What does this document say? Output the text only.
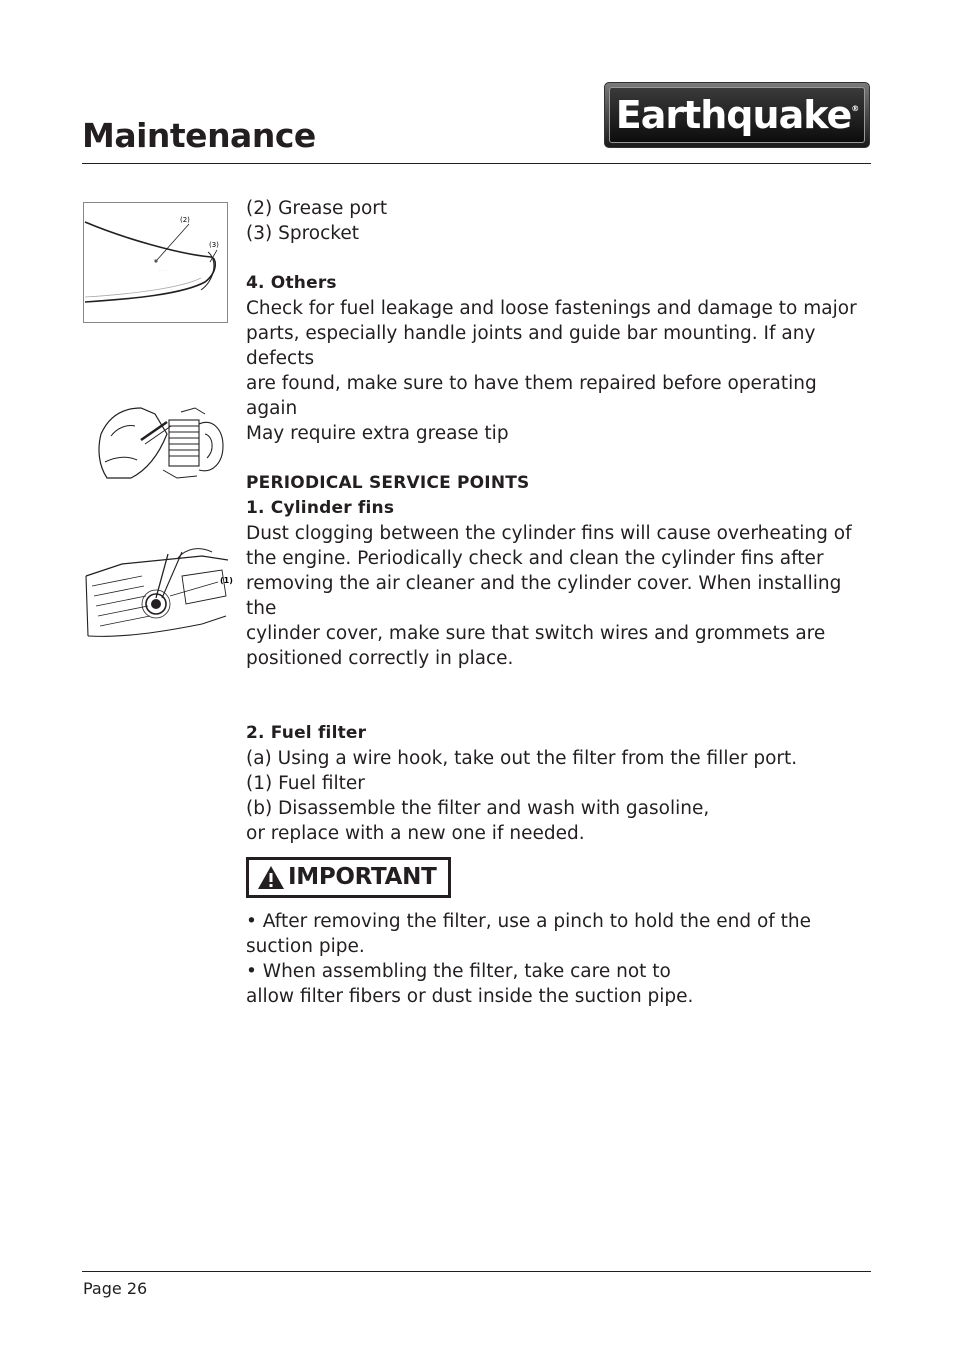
Maintenance	Earthquake ®
(2)
(3)
· · ·
(1)

(2) Grease port

(3) Sprocket

4. Others

Check for fuel leakage and loose fastenings and damage to major

parts, especially handle joints and guide bar mounting. If any defects

are found, make sure to have them repaired before operating again

May require extra grease tip

PERIODICAL SERVICE POINTS

1. Cylinder fins

Dust clogging between the cylinder fins will cause overheating of

the engine. Periodically check and clean the cylinder fins after

removing the air cleaner and the cylinder cover. When installing the

cylinder cover, make sure that switch wires and grommets are

positioned correctly in place.

2. Fuel filter

(a) Using a wire hook, take out the filter from the filler port.

(1) Fuel filter

(b) Disassemble the filter and wash with gasoline,

or replace with a new one if needed.

IMPORTANT

• After removing the filter, use a pinch to hold the end of the

suction pipe.

• When assembling the filter, take care not to

allow filter fibers or dust inside the suction pipe.

Page 26
